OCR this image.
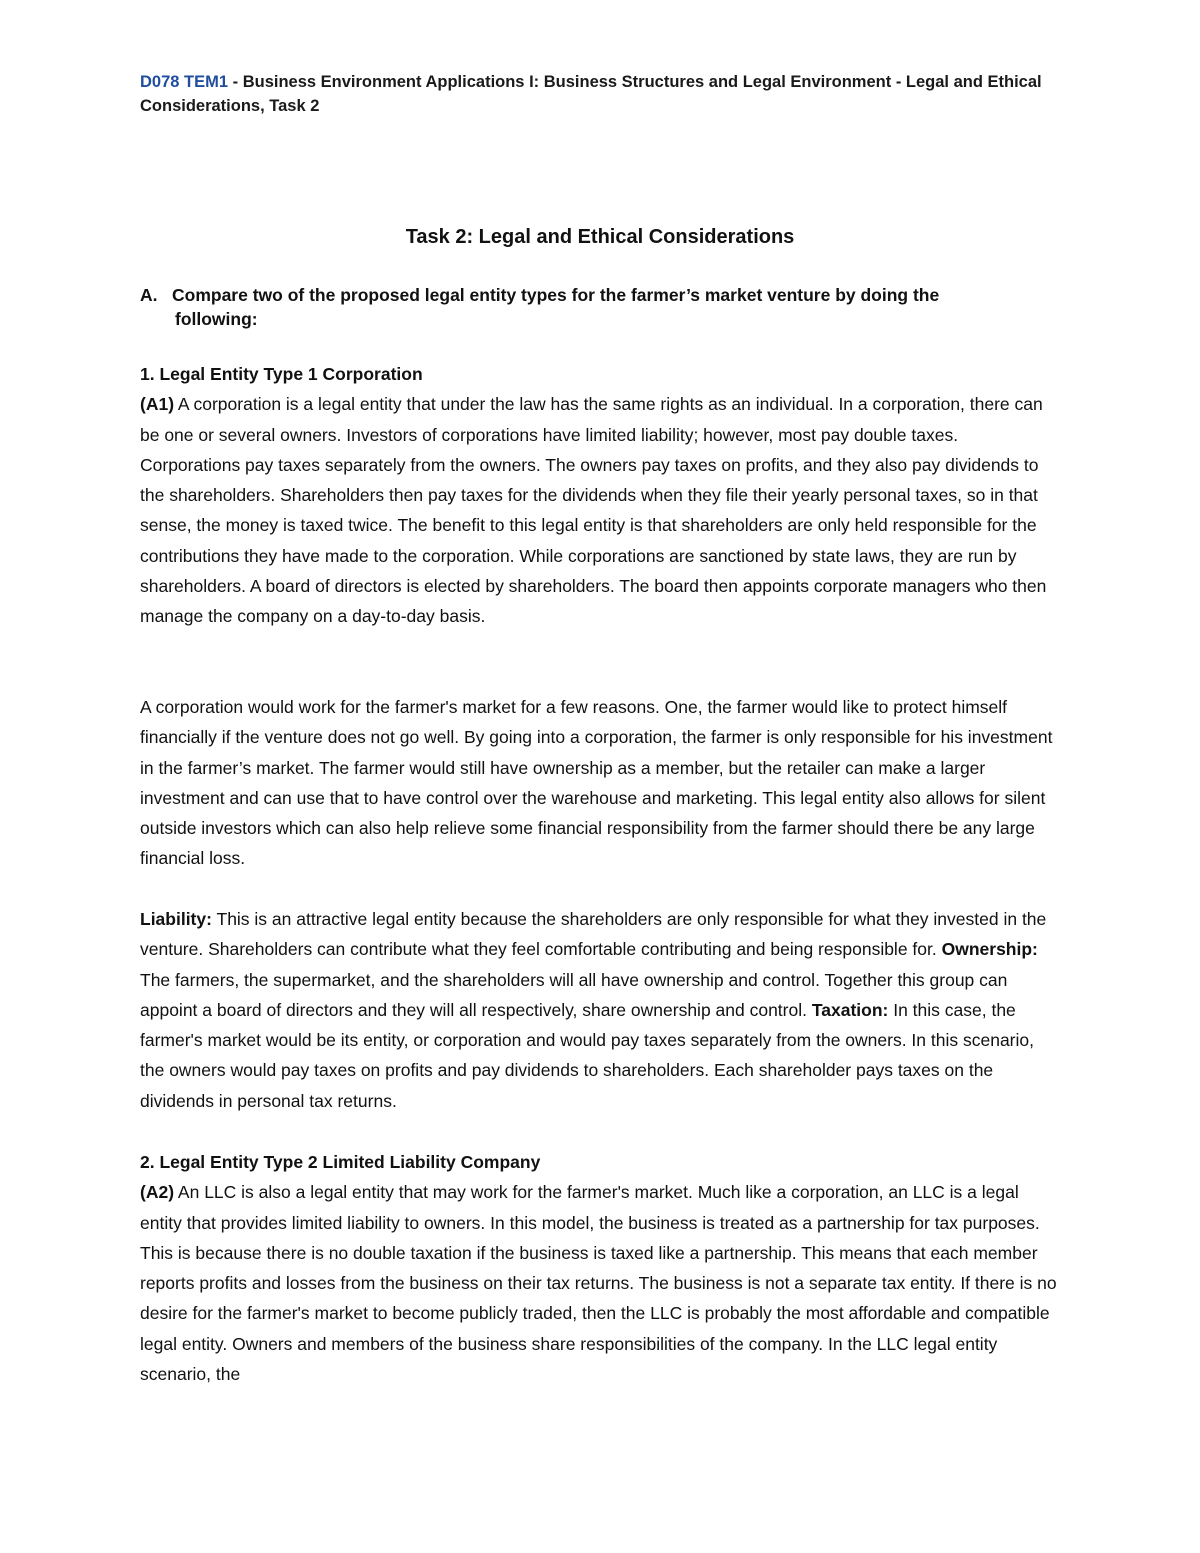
D078 TEM1 - Business Environment Applications I: Business Structures and Legal Environment - Legal and Ethical Considerations, Task 2
Task 2: Legal and Ethical Considerations
A. Compare two of the proposed legal entity types for the farmer’s market venture by doing the
following:

1. Legal Entity Type 1 Corporation

(A1) A corporation is a legal entity that under the law has the same rights as an individual. In a corporation, there can be one or several owners. Investors of corporations have limited liability; however, most pay double taxes. Corporations pay taxes separately from the owners. The owners pay taxes on profits, and they also pay dividends to the shareholders. Shareholders then pay taxes for the dividends when they file their yearly personal taxes, so in that sense, the money is taxed twice. The benefit to this legal entity is that shareholders are only held responsible for the contributions they have made to the corporation. While corporations are sanctioned by state laws, they are run by shareholders. A board of directors is elected by shareholders. The board then appoints corporate managers who then manage the company on a day-to-day basis.

A corporation would work for the farmer's market for a few reasons. One, the farmer would like to protect himself financially if the venture does not go well. By going into a corporation, the farmer is only responsible for his investment in the farmer’s market. The farmer would still have ownership as a member, but the retailer can make a larger investment and can use that to have control over the warehouse and marketing. This legal entity also allows for silent outside investors which can also help relieve some financial responsibility from the farmer should there be any large financial loss.

Liability: This is an attractive legal entity because the shareholders are only responsible for what they invested in the venture. Shareholders can contribute what they feel comfortable contributing and being responsible for. Ownership: The farmers, the supermarket, and the shareholders will all have ownership and control. Together this group can appoint a board of directors and they will all respectively, share ownership and control. Taxation: In this case, the farmer's market would be its entity, or corporation and would pay taxes separately from the owners. In this scenario, the owners would pay taxes on profits and pay dividends to shareholders. Each shareholder pays taxes on the dividends in personal tax returns.

2. Legal Entity Type 2 Limited Liability Company

(A2) An LLC is also a legal entity that may work for the farmer's market. Much like a corporation, an LLC is a legal entity that provides limited liability to owners. In this model, the business is treated as a partnership for tax purposes. This is because there is no double taxation if the business is taxed like a partnership. This means that each member reports profits and losses from the business on their tax returns. The business is not a separate tax entity. If there is no desire for the farmer's market to become publicly traded, then the LLC is probably the most affordable and compatible legal entity. Owners and members of the business share responsibilities of the company. In the LLC legal entity scenario, the
